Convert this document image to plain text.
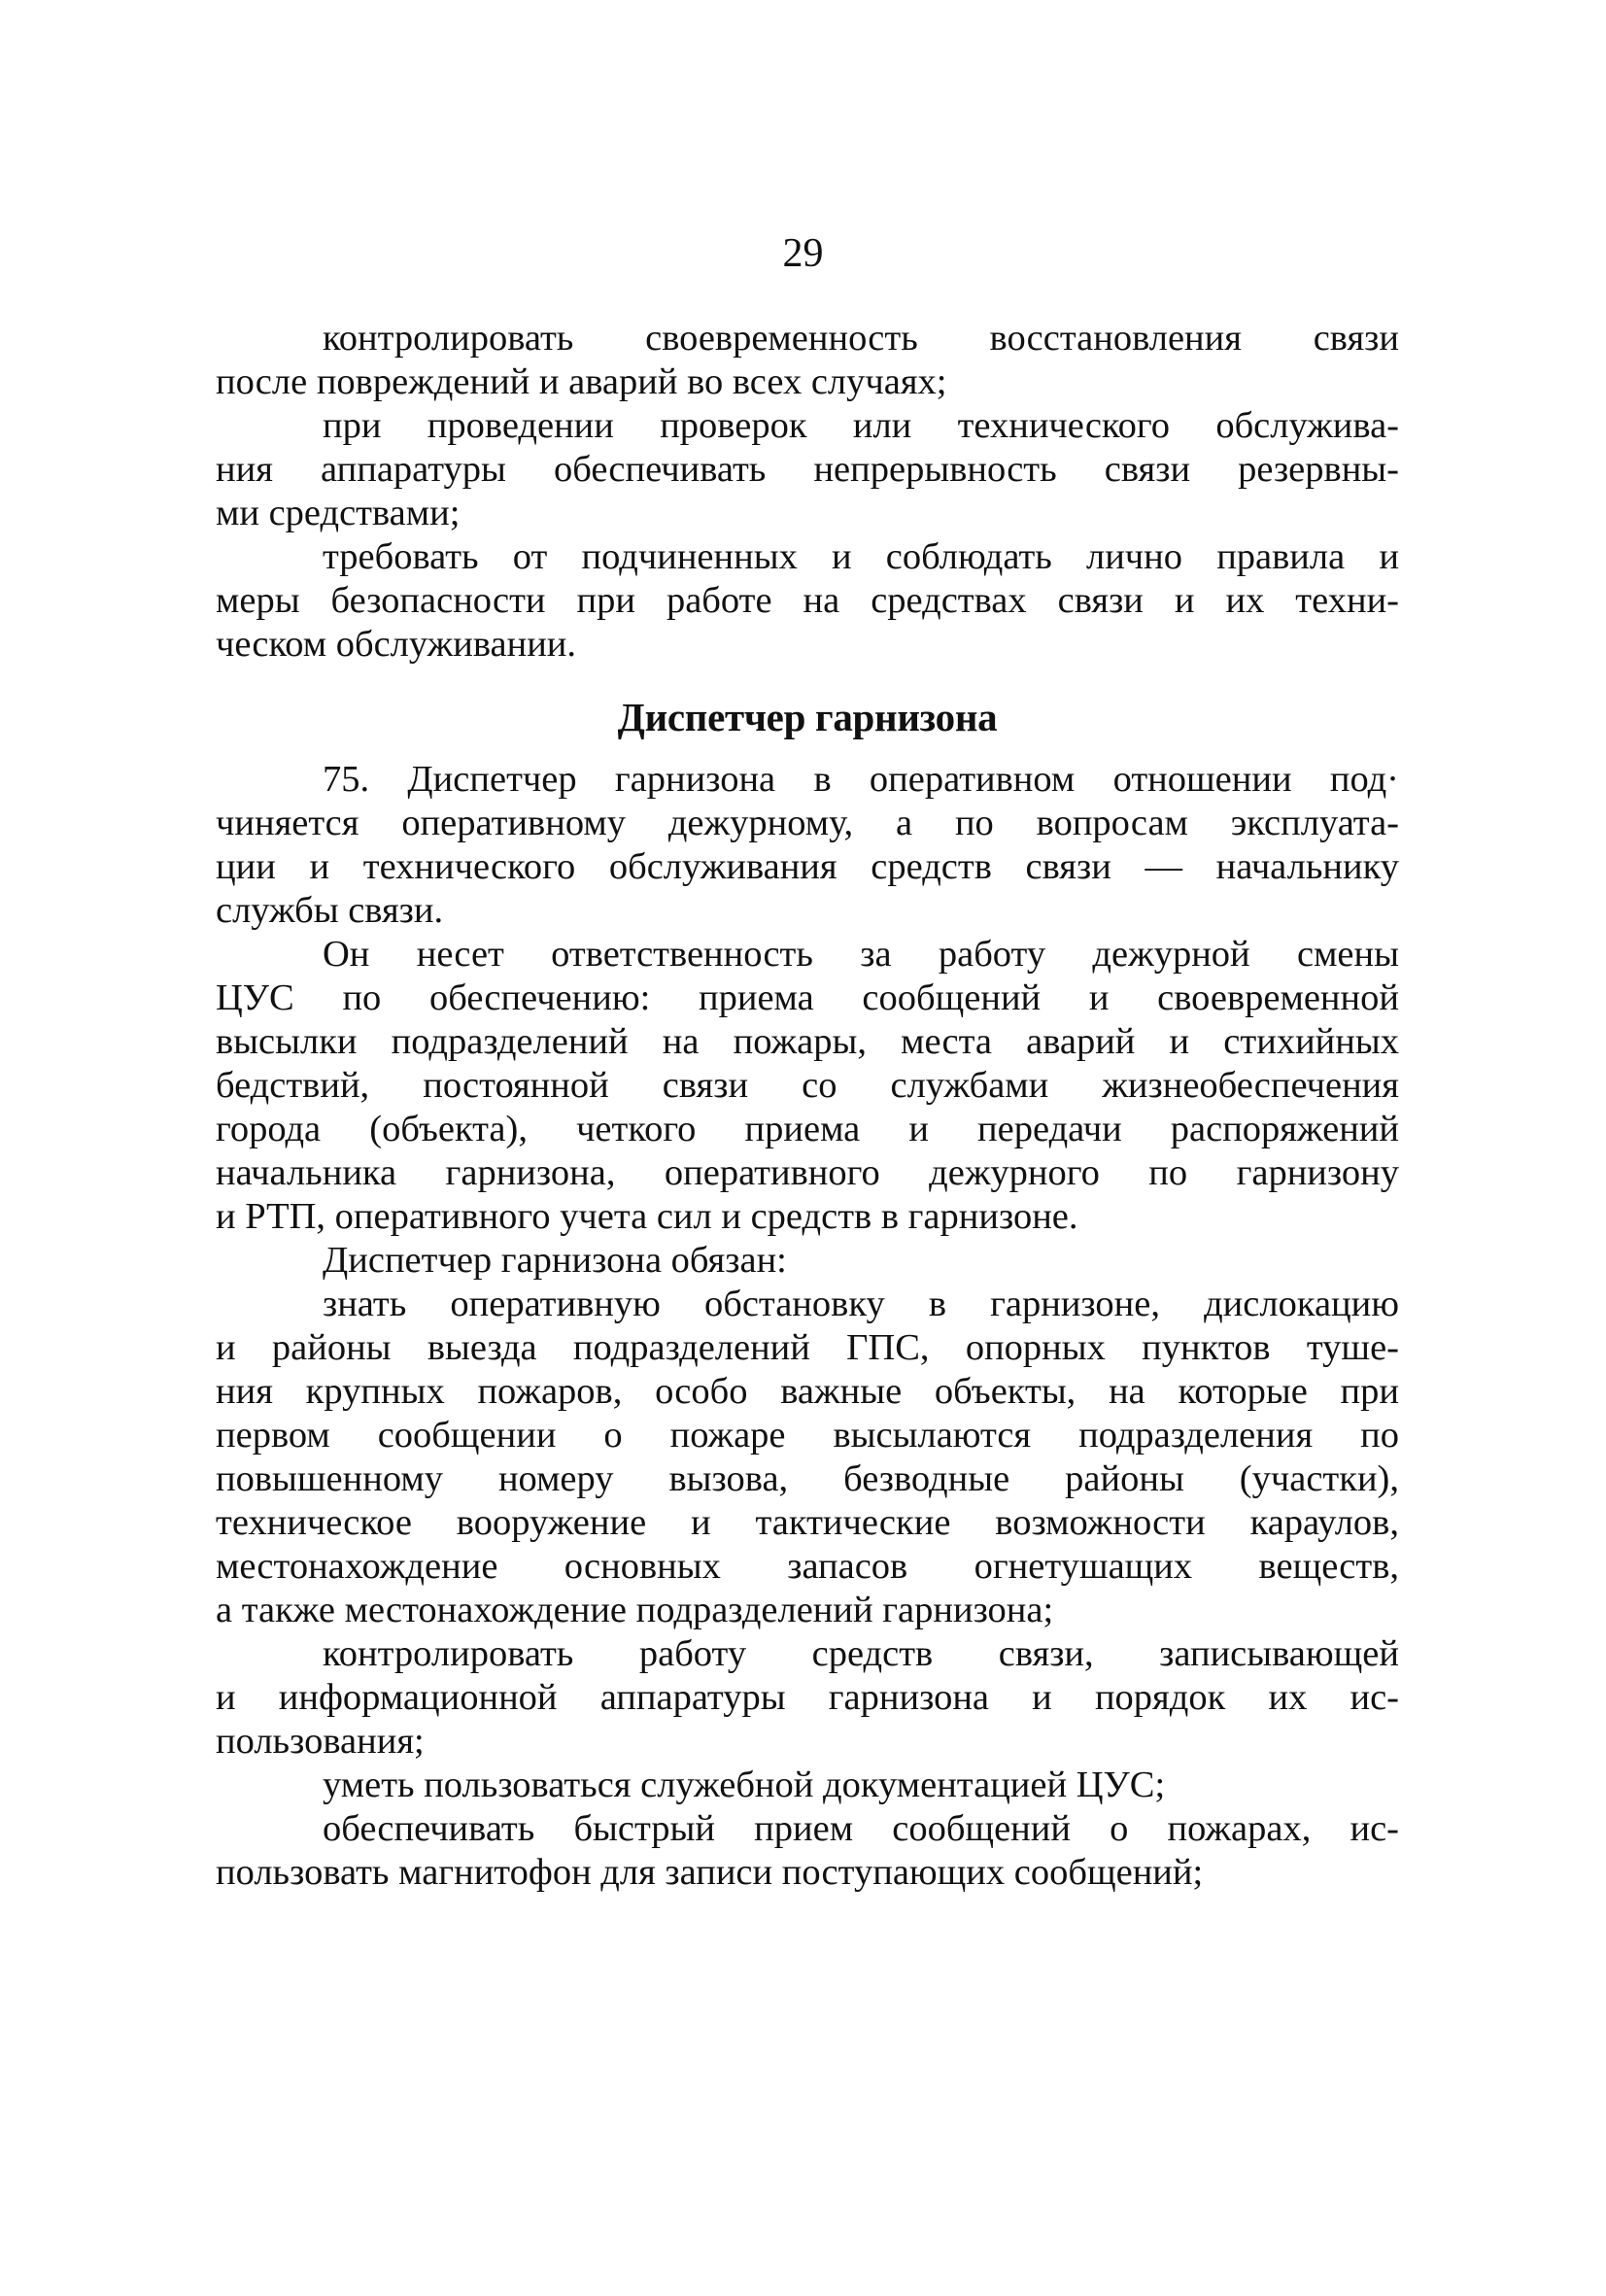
29
контролировать своевременность восстановления связи
после повреждений и аварий во всех случаях;
при проведении проверок или технического обслужива-
ния аппаратуры обеспечивать непрерывность связи резервны-
ми средствами;
требовать от подчиненных и соблюдать лично правила и
меры безопасности при работе на средствах связи и их техни-
ческом обслуживании.
Диспетчер гарнизона
75. Диспетчер гарнизона в оперативном отношении под·
чиняется оперативному дежурному, а по вопросам эксплуата-
ции и технического обслуживания средств связи — начальнику
службы связи.
Он несет ответственность за работу дежурной смены
ЦУС по обеспечению: приема сообщений и своевременной
высылки подразделений на пожары, места аварий и стихийных
бедствий, постоянной связи со службами жизнеобеспечения
города (объекта), четкого приема и передачи распоряжений
начальника гарнизона, оперативного дежурного по гарнизону
и РТП, оперативного учета сил и средств в гарнизоне.
Диспетчер гарнизона обязан:
знать оперативную обстановку в гарнизоне, дислокацию
и районы выезда подразделений ГПС, опорных пунктов туше-
ния крупных пожаров, особо важные объекты, на которые при
первом сообщении о пожаре высылаются подразделения по
повышенному номеру вызова, безводные районы (участки),
техническое вооружение и тактические возможности караулов,
местонахождение основных запасов огнетушащих веществ,
а также местонахождение подразделений гарнизона;
контролировать работу средств связи, записывающей
и информационной аппаратуры гарнизона и порядок их ис-
пользования;
уметь пользоваться служебной документацией ЦУС;
обеспечивать быстрый прием сообщений о пожарах, ис-
пользовать магнитофон для записи поступающих сообщений;
